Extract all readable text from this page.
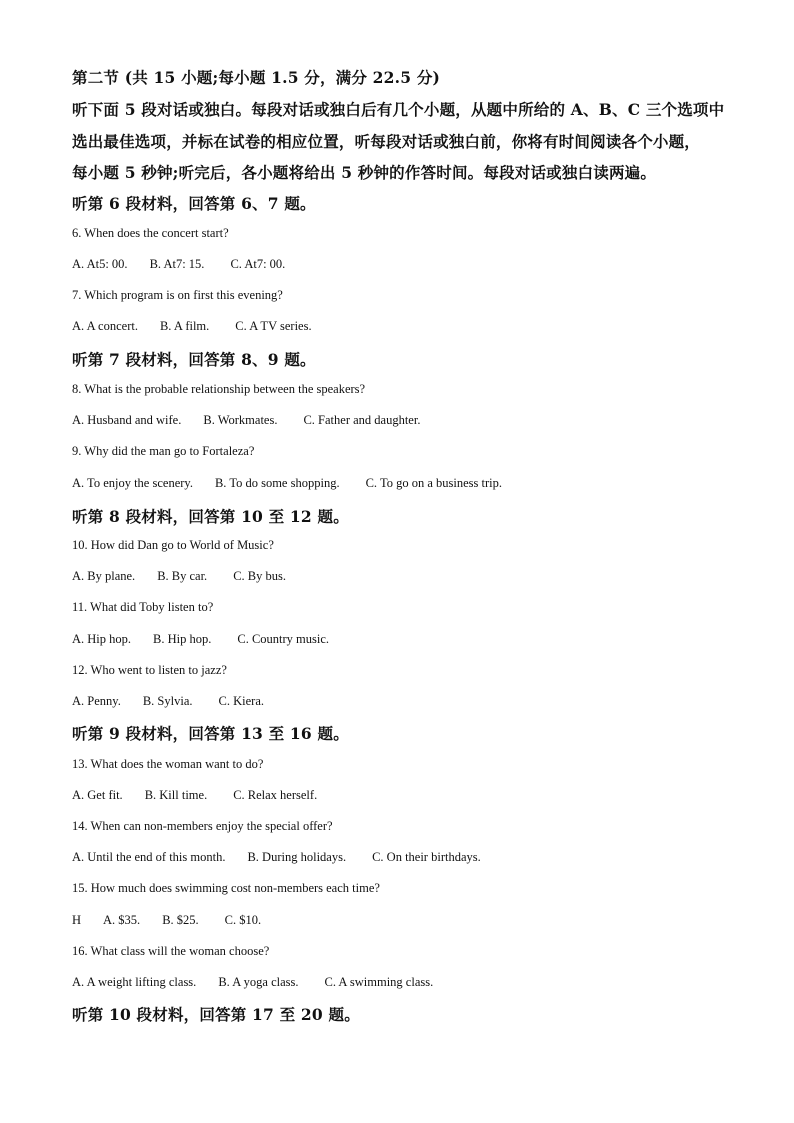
第二节 (共 15 小题;每小题 1.5 分，满分 22.5 分)
听下面 5 段对话或独白。每段对话或独白后有几个小题，从题中所给的 A、B、C 三个选项中
选出最佳选项，并标在试卷的相应位置，听每段对话或独白前，你将有时间阅读各个小题，
每小题 5 秒钟;听完后，各小题将给出 5 秒钟的作答时间。每段对话或独白读两遍。
听第 6 段材料，回答第 6、7 题。
6. When does the concert start?
A. At5: 00. B. At7: 15. C. At7: 00.
7. Which program is on first this evening?
A. A concert. B. A film. C. A TV series.
听第 7 段材料，回答第 8、9 题。
8. What is the probable relationship between the speakers?
A. Husband and wife. B. Workmates. C. Father and daughter.
9. Why did the man go to Fortaleza?
A. To enjoy the scenery. B. To do some shopping. C. To go on a business trip.
听第 8 段材料，回答第 10 至 12 题。
10. How did Dan go to World of Music?
A. By plane. B. By car. C. By bus.
11. What did Toby listen to?
A. Hip hop. B. Hip hop. C. Country music.
12. Who went to listen to jazz?
A. Penny. B. Sylvia. C. Kiera.
听第 9 段材料，回答第 13 至 16 题。
13. What does the woman want to do?
A. Get fit. B. Kill time. C. Relax herself.
14. When can non-members enjoy the special offer?
A. Until the end of this month. B. During holidays. C. On their birthdays.
15. How much does swimming cost non-members each time?
H A. $35. B. $25. C. $10.
16. What class will the woman choose?
A. A weight lifting class. B. A yoga class. C. A swimming class.
听第 10 段材料，回答第 17 至 20 题。
